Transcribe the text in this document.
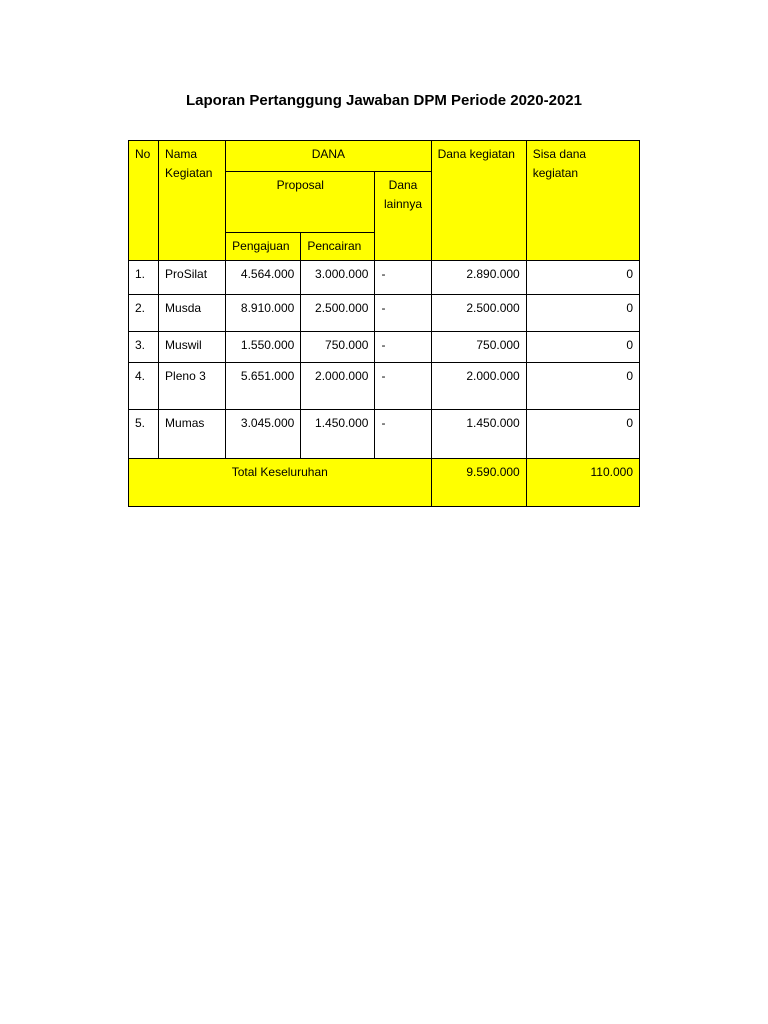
Laporan Pertanggung Jawaban DPM Periode 2020-2021
No	Nama Kegiatan	DANA			Dana kegiatan	Sisa dana kegiatan
		Proposal		Dana lainnya		
		Pengajuan	Pencairan			
1.	ProSilat	4.564.000	3.000.000	-	2.890.000	0
2.	Musda	8.910.000	2.500.000	-	2.500.000	0
3.	Muswil	1.550.000	750.000	-	750.000	0
4.	Pleno 3	5.651.000	2.000.000	-	2.000.000	0
5.	Mumas	3.045.000	1.450.000	-	1.450.000	0
Total Keseluruhan					9.590.000	110.000
